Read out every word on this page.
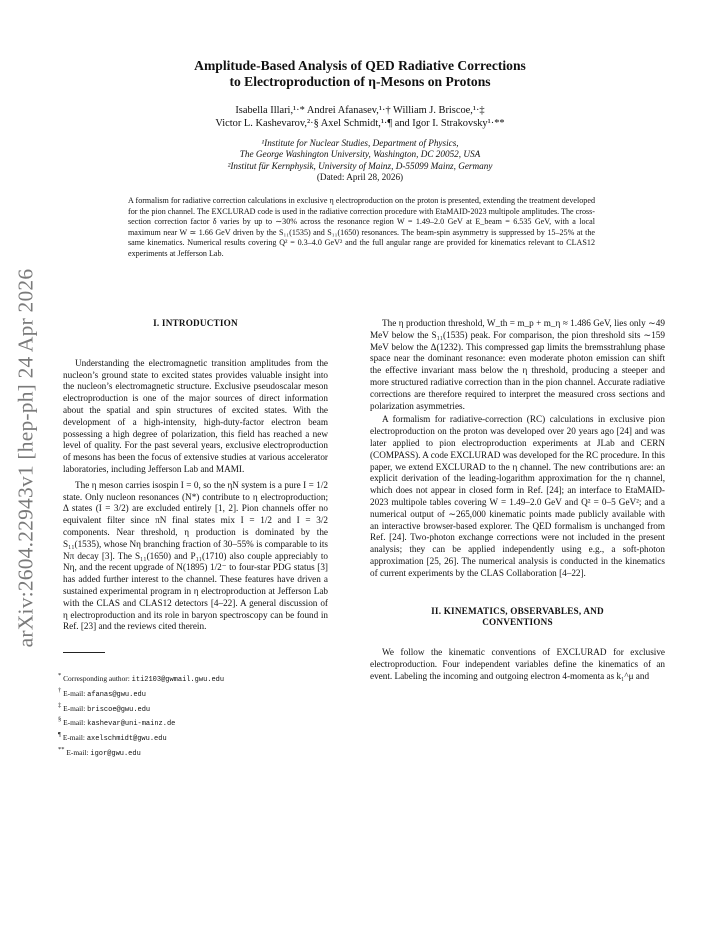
arXiv:2604.22943v1 [hep-ph] 24 Apr 2026
Amplitude-Based Analysis of QED Radiative Corrections
to Electroproduction of η-Mesons on Protons
Isabella Illari,¹·* Andrei Afanasev,¹·† William J. Briscoe,¹·‡
Victor L. Kashevarov,²·§ Axel Schmidt,¹·¶ and Igor I. Strakovsky¹·**
¹Institute for Nuclear Studies, Department of Physics,
The George Washington University, Washington, DC 20052, USA
²Institut für Kernphysik, University of Mainz, D-55099 Mainz, Germany
(Dated: April 28, 2026)
A formalism for radiative correction calculations in exclusive η electroproduction on the proton is presented, extending the treatment developed for the pion channel. The EXCLURAD code is used in the radiative correction procedure with EtaMAID-2023 multipole amplitudes. The cross-section correction factor δ varies by up to ∼30% across the resonance region W = 1.49–2.0 GeV at E_beam = 6.535 GeV, with a local maximum near W ≃ 1.66 GeV driven by the S₁₁(1535) and S₁₁(1650) resonances. The beam-spin asymmetry is suppressed by 15–25% at the same kinematics. Numerical results covering Q² = 0.3–4.0 GeV² and the full angular range are provided for kinematics relevant to CLAS12 experiments at Jefferson Lab.
I. INTRODUCTION

Understanding the electromagnetic transition amplitudes from the nucleon’s ground state to excited states provides valuable insight into the nucleon’s electromagnetic structure. Exclusive pseudoscalar meson electroproduction is one of the major sources of direct information about the spatial and spin structures of excited states. With the development of a high-intensity, high-duty-factor electron beam possessing a high degree of polarization, this field has reached a new level of quality. For the past several years, exclusive electroproduction of mesons has been the focus of extensive studies at various accelerator laboratories, including Jefferson Lab and MAMI.

The η meson carries isospin I = 0, so the ηN system is a pure I = 1/2 state. Only nucleon resonances (N*) contribute to η electroproduction; Δ states (I = 3/2) are excluded entirely [1, 2]. Pion channels offer no equivalent filter since πN final states mix I = 1/2 and I = 3/2 components. Near threshold, η production is dominated by the S₁₁(1535), whose Nη branching fraction of 30–55% is comparable to its Nπ decay [3]. The S₁₁(1650) and P₁₁(1710) also couple appreciably to Nη, and the recent upgrade of N(1895) 1/2⁻ to four-star PDG status [3] has added further interest to the channel. These features have driven a sustained experimental program in η electroproduction at Jefferson Lab with the CLAS and CLAS12 detectors [4–22]. A general discussion of η electroproduction and its role in baryon spectroscopy can be found in Ref. [23] and the reviews cited therein.

The η production threshold, W_th = m_p + m_η ≈ 1.486 GeV, lies only ∼49 MeV below the S₁₁(1535) peak. For comparison, the pion threshold sits ∼159 MeV below the Δ(1232). This compressed gap limits the bremsstrahlung phase space near the dominant resonance: even moderate photon emission can shift the effective invariant mass below the η threshold, producing a steeper and more structured radiative correction than in the pion channel. Accurate radiative corrections are therefore required to interpret the measured cross sections and polarization asymmetries.

A formalism for radiative-correction (RC) calculations in exclusive pion electroproduction on the proton was developed over 20 years ago [24] and was later applied to pion electroproduction experiments at JLab and CERN (COMPASS). A code EXCLURAD was developed for the RC procedure. In this paper, we extend EXCLURAD to the η channel. The new contributions are: an explicit derivation of the leading-logarithm approximation for the η channel, which does not appear in closed form in Ref. [24]; an interface to EtaMAID-2023 multipole tables covering W = 1.49–2.0 GeV and Q² = 0–5 GeV²; and a numerical output of ∼265,000 kinematic points made publicly available with an interactive browser-based explorer. The QED formalism is unchanged from Ref. [24]. Two-photon exchange corrections were not included in the present analysis; they can be applied independently using e.g., a soft-photon approximation [25, 26]. The numerical analysis is conducted in the kinematics of current experiments by the CLAS Collaboration [4–22].

II. KINEMATICS, OBSERVABLES, AND
CONVENTIONS

We follow the kinematic conventions of EXCLURAD for exclusive electroproduction. Four independent variables define the kinematics of an event. Labeling the incoming and outgoing electron 4-momenta as k₁^μ and

* Corresponding author: iti2103@gwmail.gwu.edu
† E-mail: afanas@gwu.edu
‡ E-mail: briscoe@gwu.edu
§ E-mail: kashevar@uni-mainz.de
¶ E-mail: axelschmidt@gwu.edu
** E-mail: igor@gwu.edu
